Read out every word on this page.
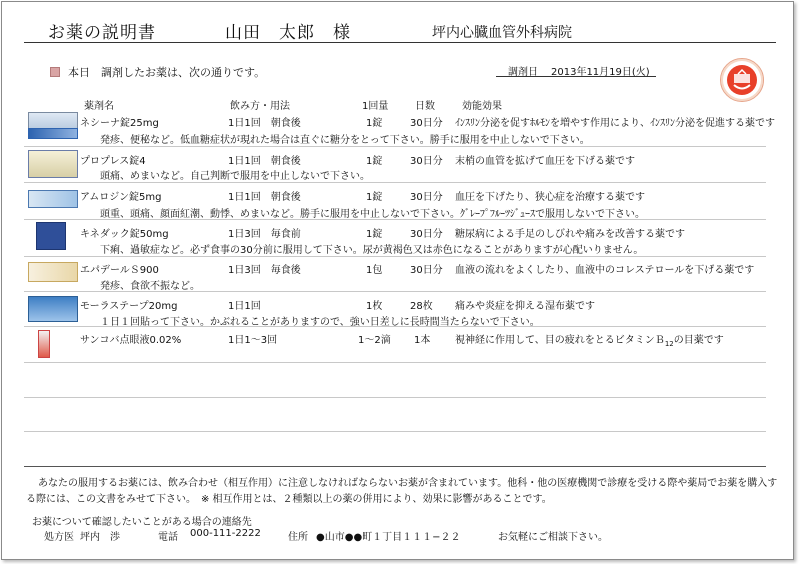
お薬の説明書	山田　太郎　様	坪内心臓血管外科病院
本日　調剤したお薬は、次の通りです。	調剤日 2013年11月19日(火)
薬剤名	飲み方・用法	1回量	日数	効能効果
ネシーナ錠25mg	1日1回　朝食後	1錠	30日分 ｲﾝｽﾘﾝ分泌を促すﾎﾙﾓﾝを増やす作用により、ｲﾝｽﾘﾝ分泌を促進する薬です
発疹、便秘など。低血糖症状が現れた場合は直ぐに糖分をとって下さい。勝手に服用を中止しないで下さい。
プロプレス錠4	1日1回　朝食後	1錠	30日分 末梢の血管を拡げて血圧を下げる薬です
頭痛、めまいなど。自己判断で服用を中止しないで下さい。
アムロジン錠5mg	1日1回　朝食後	1錠	30日分 血圧を下げたり、狭心症を治療する薬です
頭重、頭痛、顔面紅潮、動悸、めまいなど。勝手に服用を中止しないで下さい。ｸﾞﾚｰﾌﾟﾌﾙｰﾂｼﾞｭｰｽで服用しないで下さい。
キネダック錠50mg	1日3回　毎食前	1錠	30日分 糖尿病による手足のしびれや痛みを改善する薬です
下痢、過敏症など。必ず食事の30分前に服用して下さい。尿が黄褐色又は赤色になることがありますが心配いりません。
エパデールＳ900	1日3回　毎食後	1包	30日分 血液の流れをよくしたり、血液中のコレステロールを下げる薬です
発疹、食欲不振など。
モーラステープ20mg	1日1回	1枚	28枚 痛みや炎症を抑える湿布薬です
１日１回貼って下さい。かぶれることがありますので、強い日差しに長時間当たらないで下さい。
サンコバ点眼液0.02%	1日1～3回	1～2滴 1本 視神経に作用して、目の疲れをとるビタミンＢ$_{12}$の目薬です
あなたの服用するお薬には、飲み合わせ（相互作用）に注意しなければならないお薬が含まれています。他科・他の医療機関で診療を受ける際や薬局でお薬を購入す
る際には、この文書をみせて下さい。　※ 相互作用とは、２種類以上の薬の併用により、効果に影響があることです。
お薬について確認したいことがある場合の連絡先
処方医 坪内　渉	電話 000-111-2222	住所 ●山市●●町１丁目１１１−２２	お気軽にご相談下さい。
